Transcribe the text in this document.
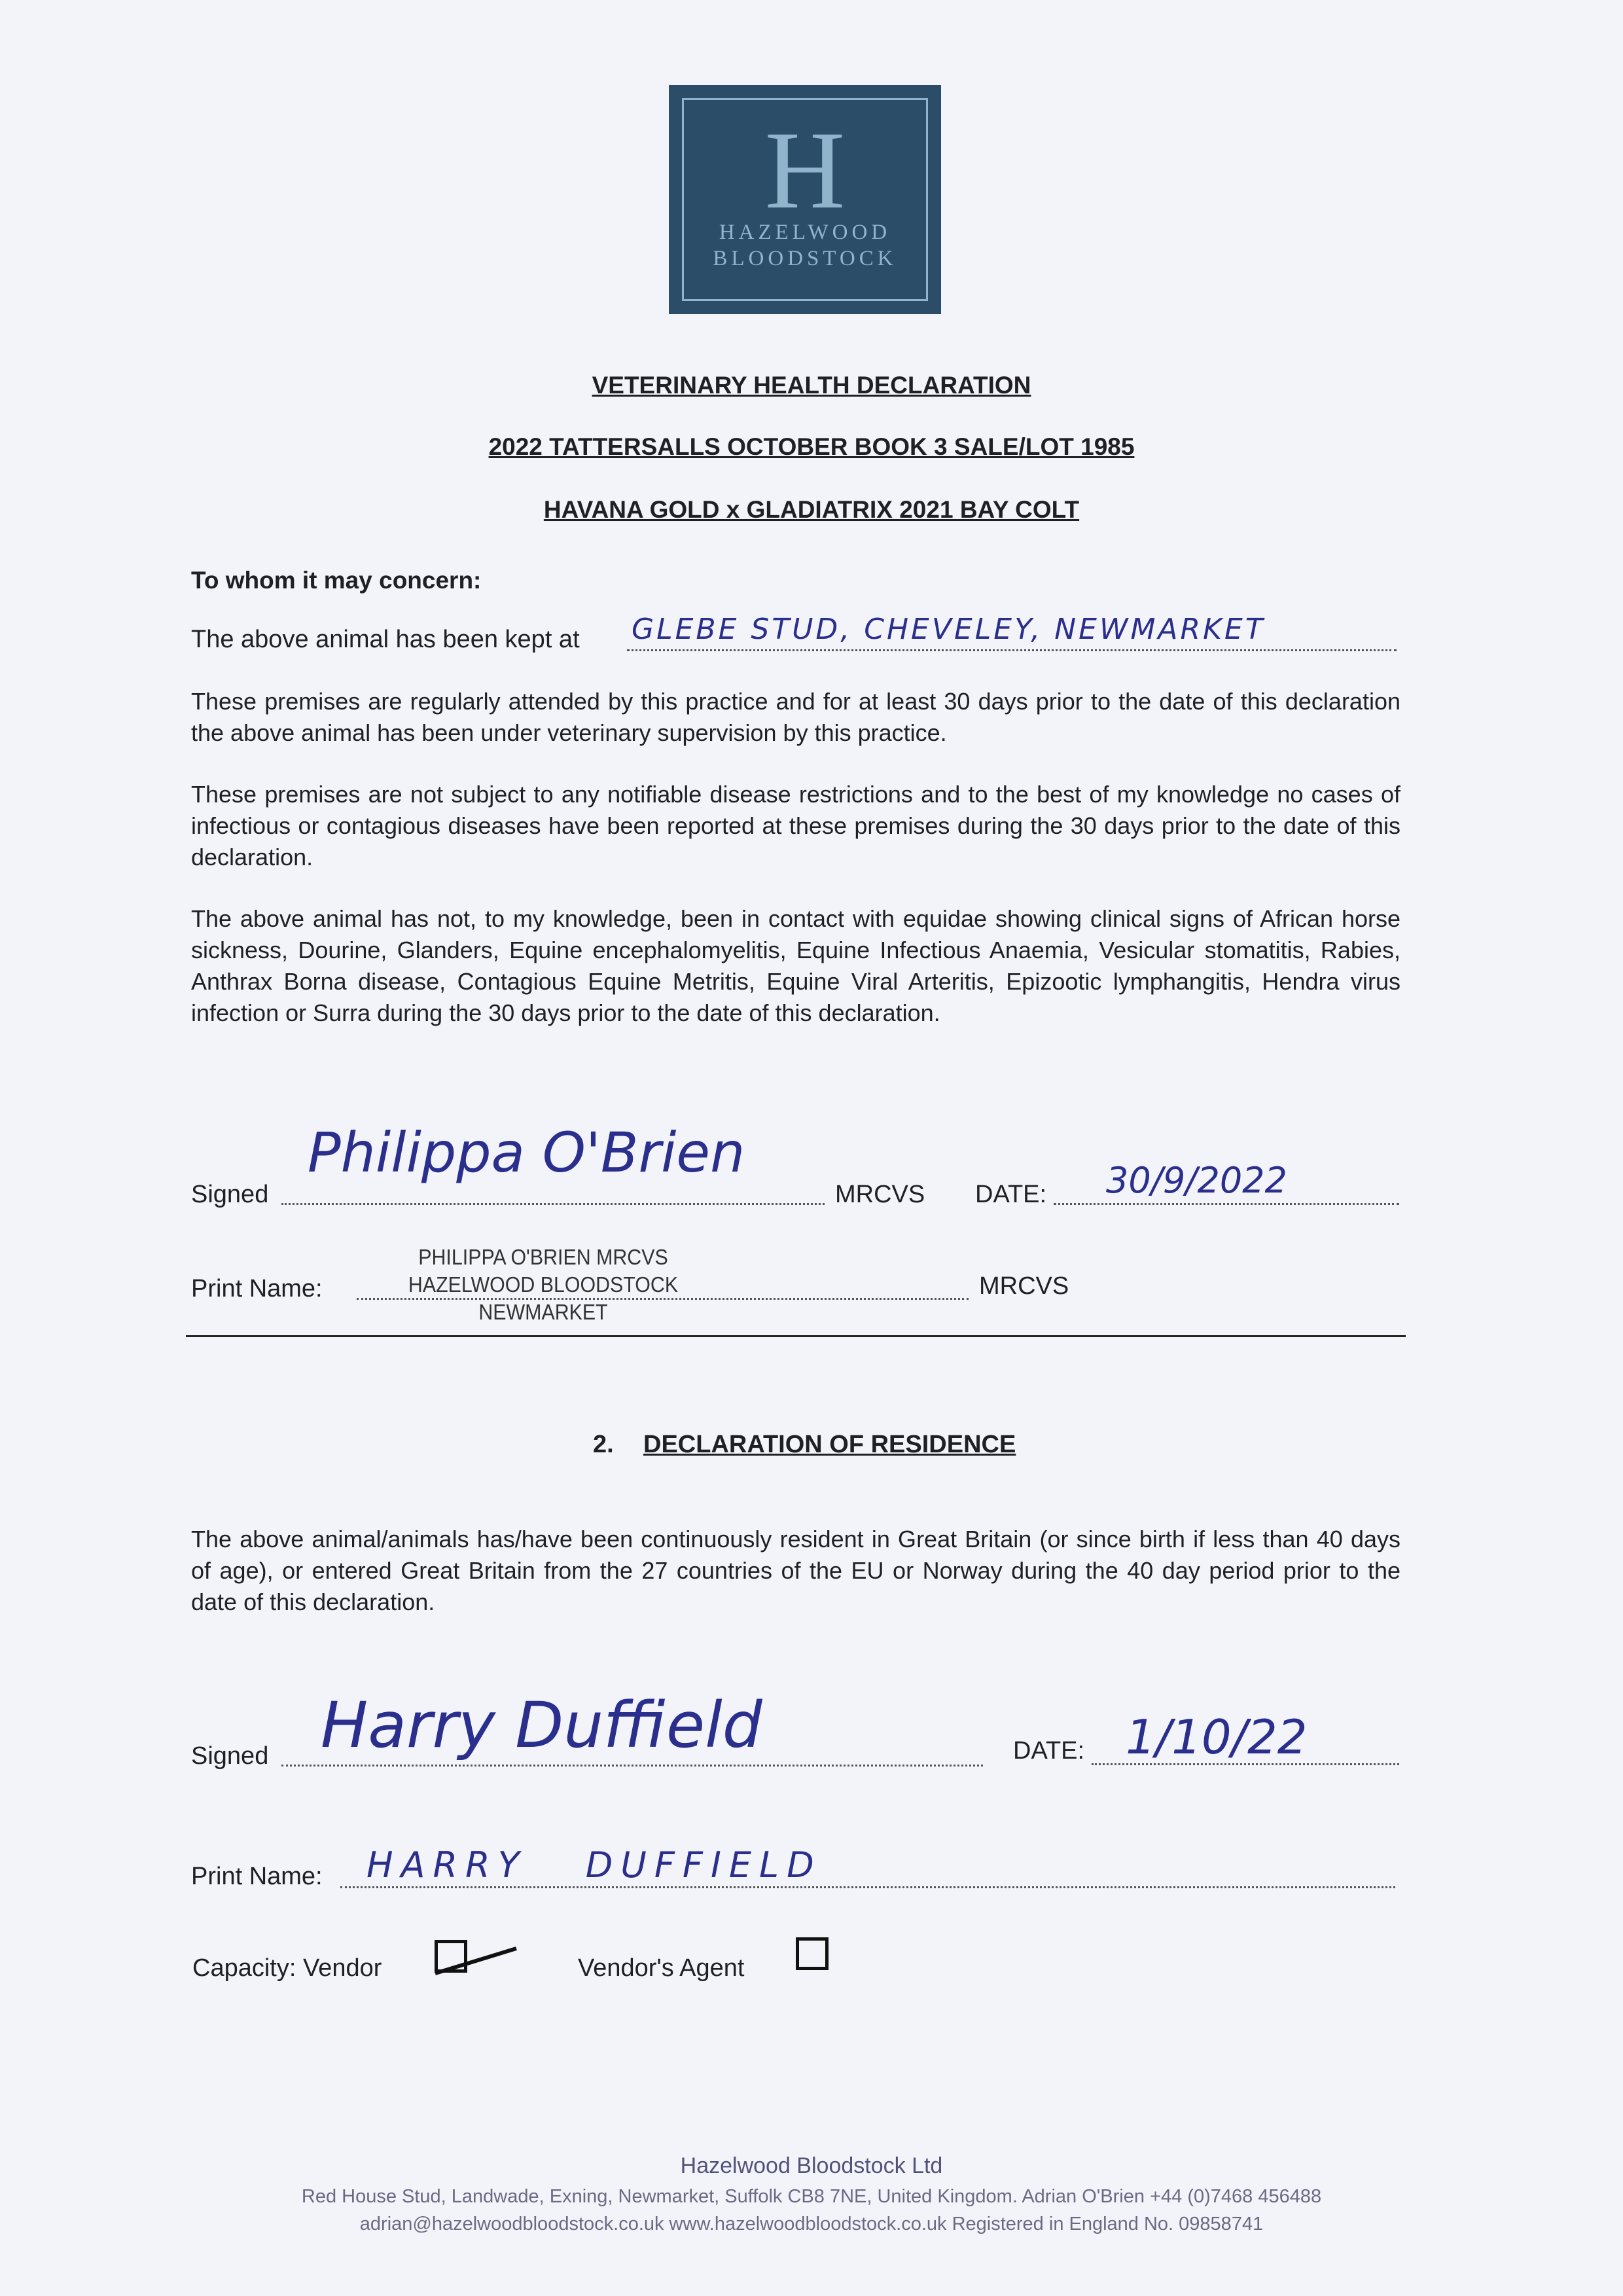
H
HAZELWOOD
BLOODSTOCK
VETERINARY HEALTH DECLARATION
2022 TATTERSALLS OCTOBER BOOK 3 SALE/LOT 1985
HAVANA GOLD x GLADIATRIX 2021 BAY COLT
To whom it may concern:
The above animal has been kept at GLEBE STUD, CHEVELEY, NEWMARKET
These premises are regularly attended by this practice and for at least 30 days prior to the date of this declaration the above animal has been under veterinary supervision by this practice.
These premises are not subject to any notifiable disease restrictions and to the best of my knowledge no cases of infectious or contagious diseases have been reported at these premises during the 30 days prior to the date of this declaration.
The above animal has not, to my knowledge, been in contact with equidae showing clinical signs of African horse sickness, Dourine, Glanders, Equine encephalomyelitis, Equine Infectious Anaemia, Vesicular stomatitis, Rabies, Anthrax Borna disease, Contagious Equine Metritis, Equine Viral Arteritis, Epizootic lymphangitis, Hendra virus infection or Surra during the 30 days prior to the date of this declaration.
Signed
Philippa O'Brien
MRCVS DATE: 30/9/2022
Print Name:
PHILIPPA O'BRIEN MRCVS
HAZELWOOD BLOODSTOCK
NEWMARKET
MRCVS
2. DECLARATION OF RESIDENCE
The above animal/animals has/have been continuously resident in Great Britain (or since birth if less than 40 days of age), or entered Great Britain from the 27 countries of the EU or Norway during the 40 day period prior to the date of this declaration.
Signed Harry Duffield	DATE: 1/10/22
Print Name: HARRY DUFFIELD
Capacity: Vendor	Vendor's Agent
Hazelwood Bloodstock Ltd
Red House Stud, Landwade, Exning, Newmarket, Suffolk CB8 7NE, United Kingdom. Adrian O'Brien +44 (0)7468 456488
adrian@hazelwoodbloodstock.co.uk www.hazelwoodbloodstock.co.uk Registered in England No. 09858741
